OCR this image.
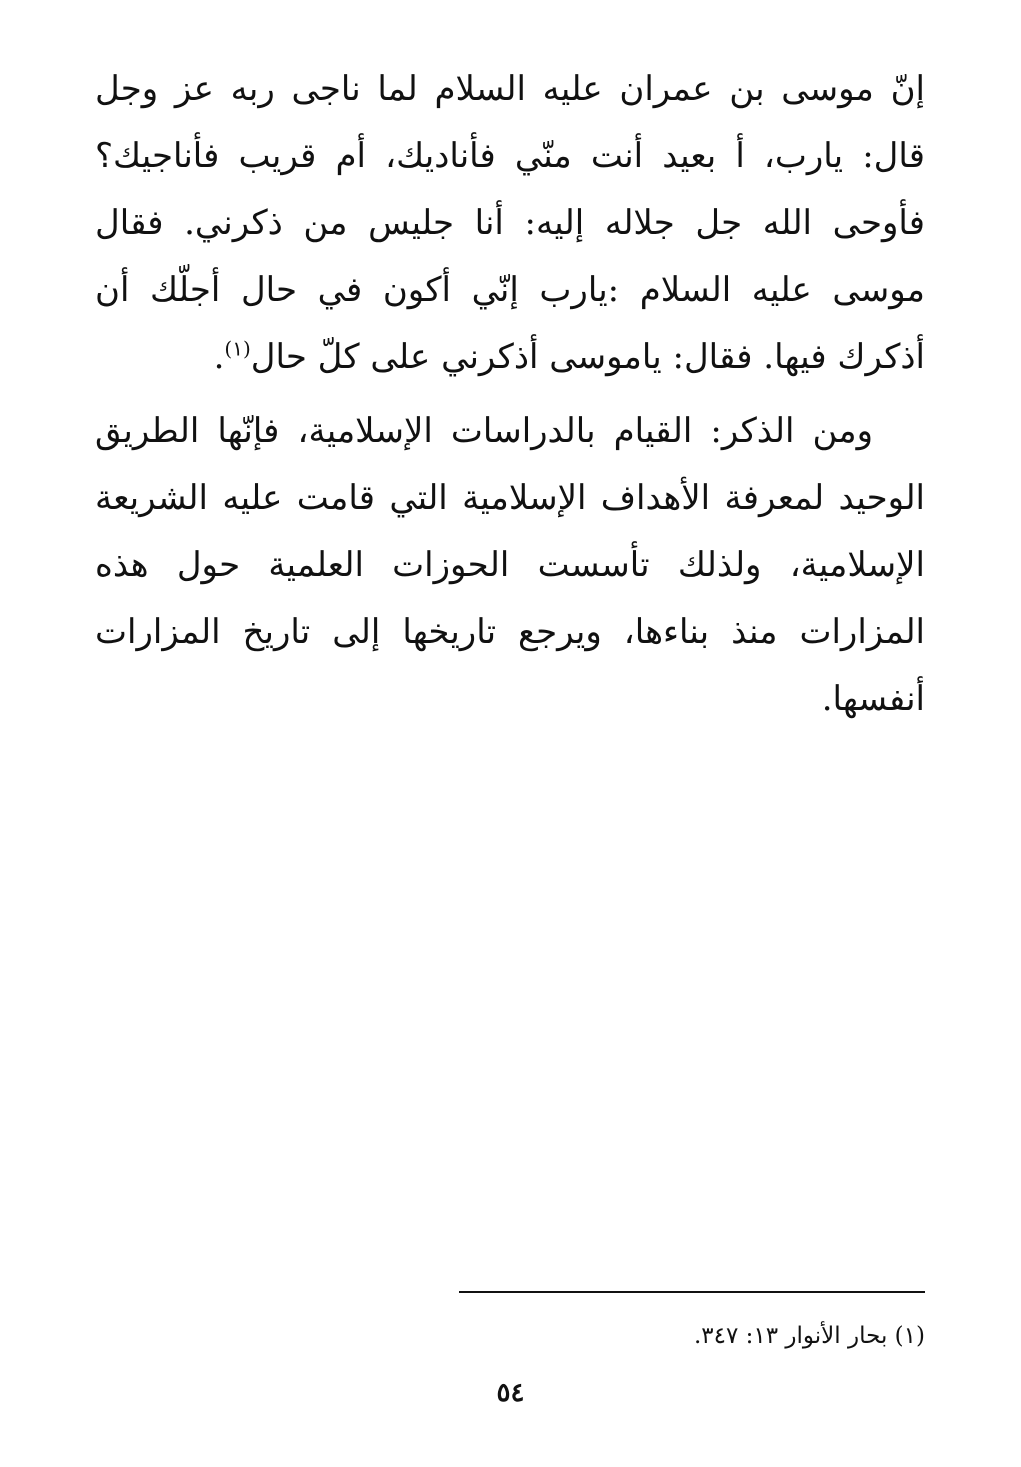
إنّ موسى بن عمران عليه السلام لما ناجى ربه عز وجل قال: يارب، أ بعيد أنت منّي فأناديك، أم قريب فأناجيك؟ فأوحى الله جل جلاله إليه: أنا جليس من ذكرني. فقال موسى عليه السلام :يارب إنّي أكون في حال أجلّك أن أذكرك فيها. فقال: ياموسى أذكرني على كلّ حال$^{(١)}$.

ومن الذكر: القيام بالدراسات الإسلامية، فإنّها الطريق الوحيد لمعرفة الأهداف الإسلامية التي قامت عليه الشريعة الإسلامية، ولذلك تأسست الحوزات العلمية حول هذه المزارات منذ بناءها، ويرجع تاريخها إلى تاريخ المزارات أنفسها.

(١) بحار الأنوار ١٣: ٣٤٧.

٥٤
